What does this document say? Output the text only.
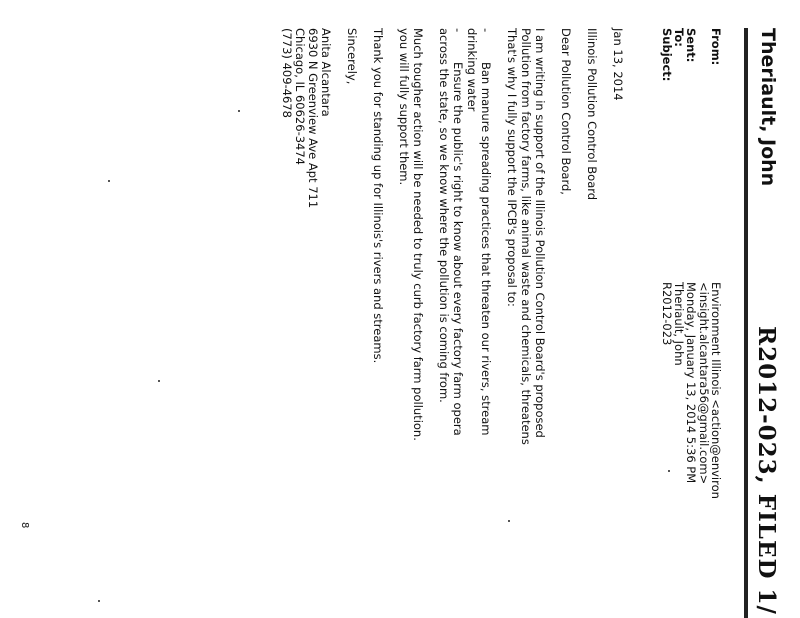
R2012-023, FILED 1/
Theriault, John
From:
Environment Illinois <action@environ
<insight.alcantara56@gmail.com>
Sent:
Monday, January 13, 2014 5:36 PM
To:
Theriault, John
Subject:
R2012-023
Jan 13, 2014
Illinois Pollution Control Board
Dear Pollution Control Board,
I am writing in support of the Illinois Pollution Control Board's proposed
Pollution from factory farms, like animal waste and chemicals, threatens
That's why I fully support the IPCB's proposal to:
-
Ban manure spreading practices that threaten our rivers, stream
drinking water
-
Ensure the public's right to know about every factory farm opera
across the state, so we know where the pollution is coming from.
Much tougher action will be needed to truly curb factory farm pollution.
you will fully support them.
Thank you for standing up for Illinois's rivers and streams.
Sincerely,
Anita Alcantara
6930 N Greenview Ave Apt 711
Chicago, IL 60626-3474
(773) 409-4678
8
